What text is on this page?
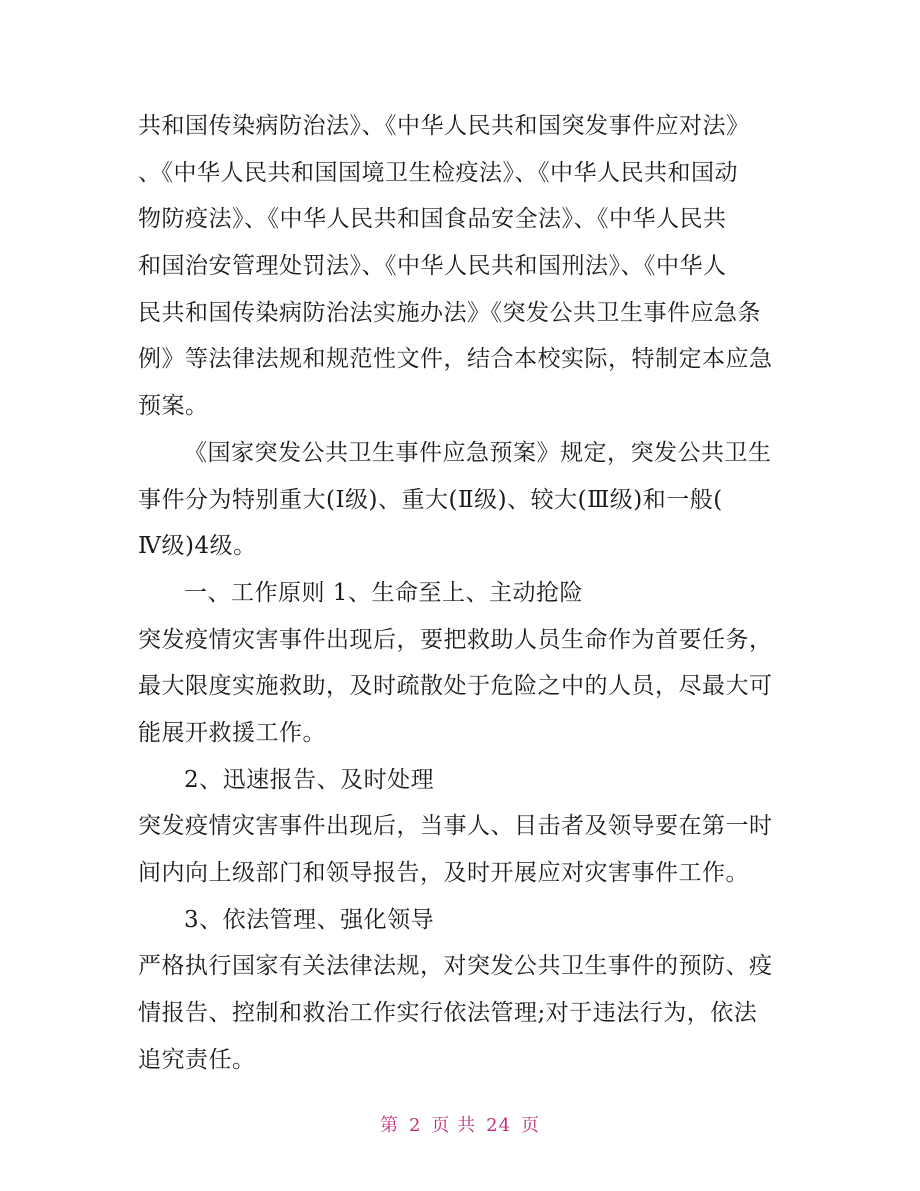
共和国传染病防治法》、《中华人民共和国突发事件应对法》
、《中华人民共和国国境卫生检疫法》、《中华人民共和国动
物防疫法》、《中华人民共和国食品安全法》、《中华人民共
和国治安管理处罚法》、《中华人民共和国刑法》、《中华人
民共和国传染病防治法实施办法》《突发公共卫生事件应急条
例》等法律法规和规范性文件，结合本校实际，特制定本应急
预案。
《国家突发公共卫生事件应急预案》规定，突发公共卫生
事件分为特别重大(Ⅰ级)、重大(Ⅱ级)、较大(Ⅲ级)和一般(
Ⅳ级)4级。
一、工作原则 1、生命至上、主动抢险
突发疫情灾害事件出现后，要把救助人员生命作为首要任务，
最大限度实施救助，及时疏散处于危险之中的人员，尽最大可
能展开救援工作。
2、迅速报告、及时处理
突发疫情灾害事件出现后，当事人、目击者及领导要在第一时
间内向上级部门和领导报告，及时开展应对灾害事件工作。
3、依法管理、强化领导
严格执行国家有关法律法规，对突发公共卫生事件的预防、疫
情报告、控制和救治工作实行依法管理;对于违法行为，依法
追究责任。
第 2 页 共 24 页
